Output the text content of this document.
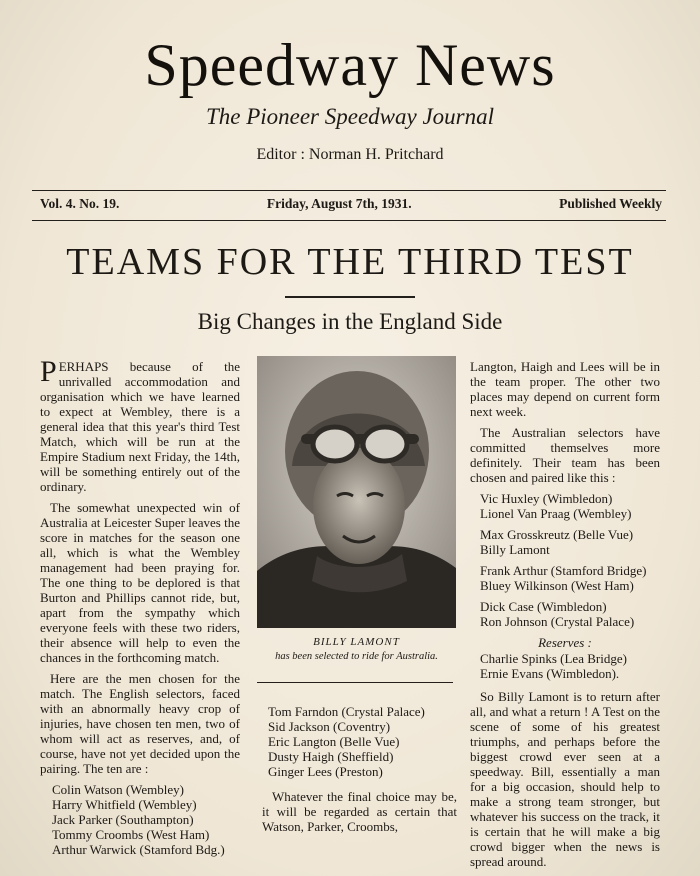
Speedway News
The Pioneer Speedway Journal
Editor : Norman H. Pritchard
Vol. 4. No. 19.	Friday, August 7th, 1931.	Published Weekly
TEAMS FOR THE THIRD TEST
Big Changes in the England Side

PERHAPS because of the unrivalled accommodation and organisation which we have learned to expect at Wembley, there is a general idea that this year's third Test Match, which will be run at the Empire Stadium next Friday, the 14th, will be something entirely out of the ordinary.

The somewhat unexpected win of Australia at Leicester Super leaves the score in matches for the season one all, which is what the Wembley management had been praying for. The one thing to be deplored is that Burton and Phillips cannot ride, but, apart from the sympathy which everyone feels with these two riders, their absence will help to even the chances in the forthcoming match.

Here are the men chosen for the match. The English selectors, faced with an abnormally heavy crop of injuries, have chosen ten men, two of whom will act as reserves, and, of course, have not yet decided upon the pairing. The ten are :

Colin Watson (Wembley)
Harry Whitfield (Wembley)
Jack Parker (Southampton)
Tommy Croombs (West Ham)
Arthur Warwick (Stamford Bdg.)
BILLY LAMONT
has been selected to ride for Australia.
Tom Farndon (Crystal Palace)
Sid Jackson (Coventry)
Eric Langton (Belle Vue)
Dusty Haigh (Sheffield)
Ginger Lees (Preston)

Whatever the final choice may be, it will be regarded as certain that Watson, Parker, Croombs,

Langton, Haigh and Lees will be in the team proper. The other two places may depend on current form next week.

The Australian selectors have committed themselves more definitely. Their team has been chosen and paired like this :

Vic Huxley (Wimbledon)
Lionel Van Praag (Wembley)
Max Grosskreutz (Belle Vue)
Billy Lamont
Frank Arthur (Stamford Bridge)
Bluey Wilkinson (West Ham)
Dick Case (Wimbledon)
Ron Johnson (Crystal Palace)
Reserves :
Charlie Spinks (Lea Bridge)
Ernie Evans (Wimbledon).

So Billy Lamont is to return after all, and what a return ! A Test on the scene of some of his greatest triumphs, and perhaps before the biggest crowd ever seen at a speedway. Bill, essentially a man for a big occasion, should help to make a strong team stronger, but whatever his success on the track, it is certain that he will make a big crowd bigger when the news is spread around.
